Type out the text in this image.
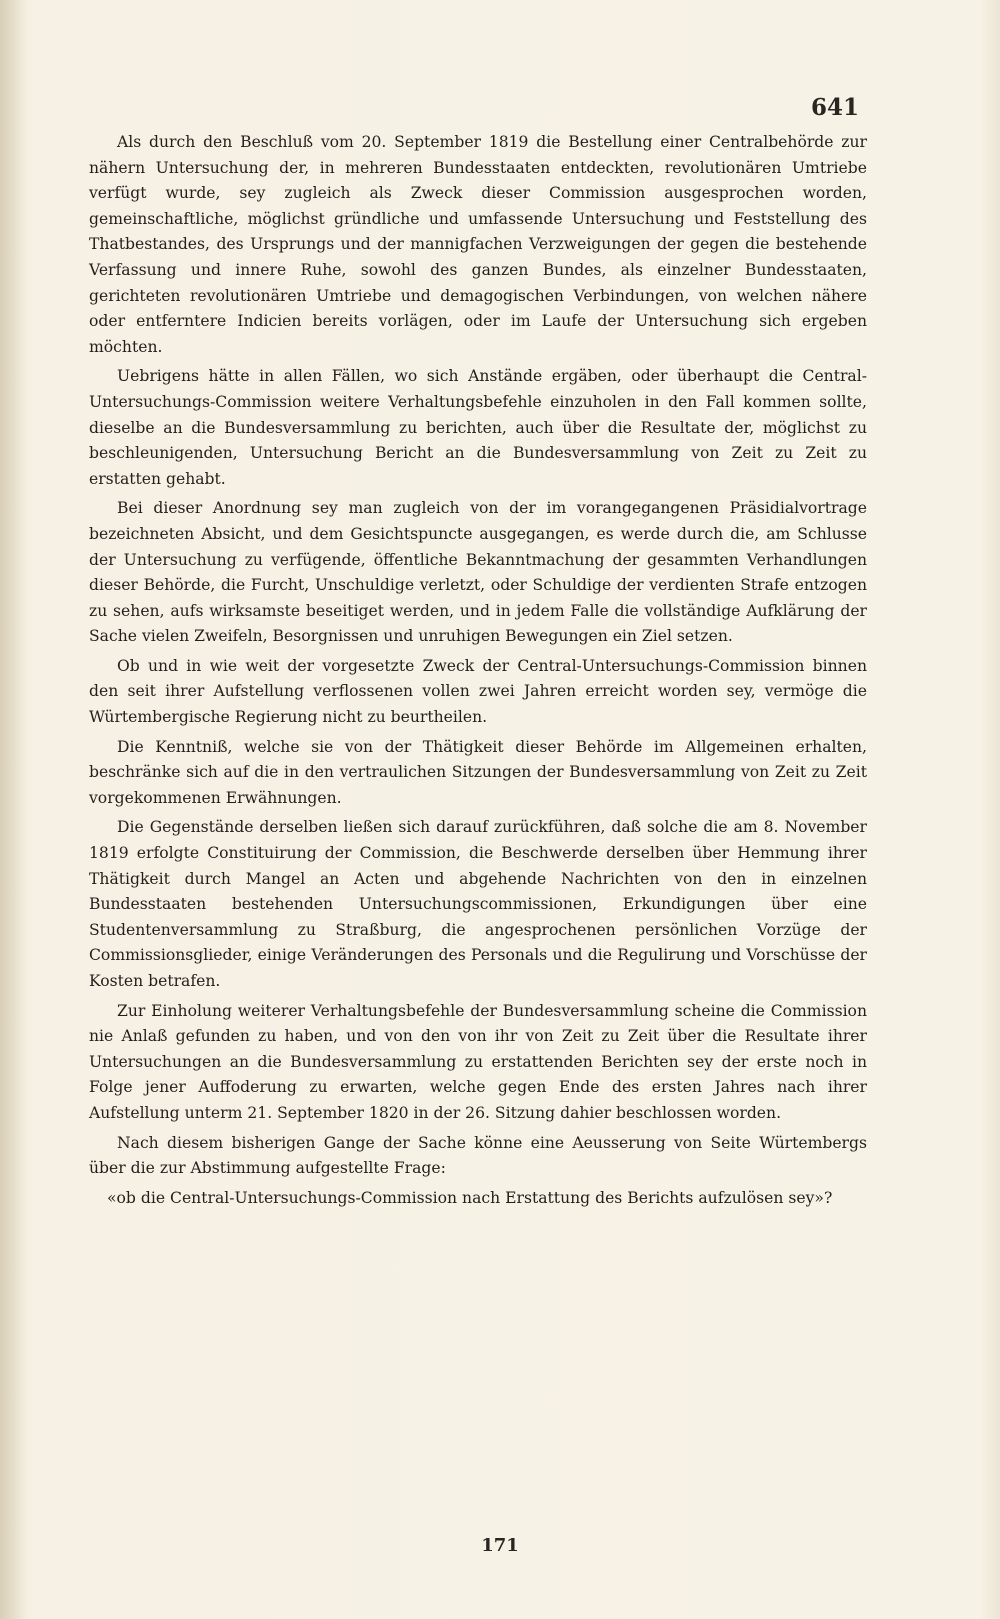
641

Als durch den Beschluß vom 20. September 1819 die Bestellung einer Centralbehörde zur nähern Untersuchung der, in mehreren Bundesstaaten entdeckten, revolutionären Umtriebe verfügt wurde, sey zugleich als Zweck dieser Commission ausgesprochen worden, gemeinschaftliche, möglichst gründliche und umfassende Untersuchung und Feststellung des Thatbestandes, des Ursprungs und der mannigfachen Verzweigungen der gegen die bestehende Verfassung und innere Ruhe, sowohl des ganzen Bundes, als einzelner Bundesstaaten, gerichteten revolutionären Umtriebe und demagogischen Verbindungen, von welchen nähere oder entferntere Indicien bereits vorlägen, oder im Laufe der Untersuchung sich ergeben möchten.

Uebrigens hätte in allen Fällen, wo sich Anstände ergäben, oder überhaupt die Central-Untersuchungs-Commission weitere Verhaltungsbefehle einzuholen in den Fall kommen sollte, dieselbe an die Bundesversammlung zu berichten, auch über die Resultate der, möglichst zu beschleunigenden, Untersuchung Bericht an die Bundesversammlung von Zeit zu Zeit zu erstatten gehabt.

Bei dieser Anordnung sey man zugleich von der im vorangegangenen Präsidialvortrage bezeichneten Absicht, und dem Gesichtspuncte ausgegangen, es werde durch die, am Schlusse der Untersuchung zu verfügende, öffentliche Bekanntmachung der gesammten Verhandlungen dieser Behörde, die Furcht, Unschuldige verletzt, oder Schuldige der verdienten Strafe entzogen zu sehen, aufs wirksamste beseitiget werden, und in jedem Falle die vollständige Aufklärung der Sache vielen Zweifeln, Besorgnissen und unruhigen Bewegungen ein Ziel setzen.

Ob und in wie weit der vorgesetzte Zweck der Central-Untersuchungs-Commission binnen den seit ihrer Aufstellung verflossenen vollen zwei Jahren erreicht worden sey, vermöge die Würtembergische Regierung nicht zu beurtheilen.

Die Kenntniß, welche sie von der Thätigkeit dieser Behörde im Allgemeinen erhalten, beschränke sich auf die in den vertraulichen Sitzungen der Bundesversammlung von Zeit zu Zeit vorgekommenen Erwähnungen.

Die Gegenstände derselben ließen sich darauf zurückführen, daß solche die am 8. November 1819 erfolgte Constituirung der Commission, die Beschwerde derselben über Hemmung ihrer Thätigkeit durch Mangel an Acten und abgehende Nachrichten von den in einzelnen Bundesstaaten bestehenden Untersuchungscommissionen, Erkundigungen über eine Studentenversammlung zu Straßburg, die angesprochenen persönlichen Vorzüge der Commissionsglieder, einige Veränderungen des Personals und die Regulirung und Vorschüsse der Kosten betrafen.

Zur Einholung weiterer Verhaltungsbefehle der Bundesversammlung scheine die Commission nie Anlaß gefunden zu haben, und von den von ihr von Zeit zu Zeit über die Resultate ihrer Untersuchungen an die Bundesversammlung zu erstattenden Berichten sey der erste noch in Folge jener Auffoderung zu erwarten, welche gegen Ende des ersten Jahres nach ihrer Aufstellung unterm 21. September 1820 in der 26. Sitzung dahier beschlossen worden.

Nach diesem bisherigen Gange der Sache könne eine Aeusserung von Seite Würtembergs über die zur Abstimmung aufgestellte Frage:

«ob die Central-Untersuchungs-Commission nach Erstattung des Berichts aufzulösen sey»?

171
